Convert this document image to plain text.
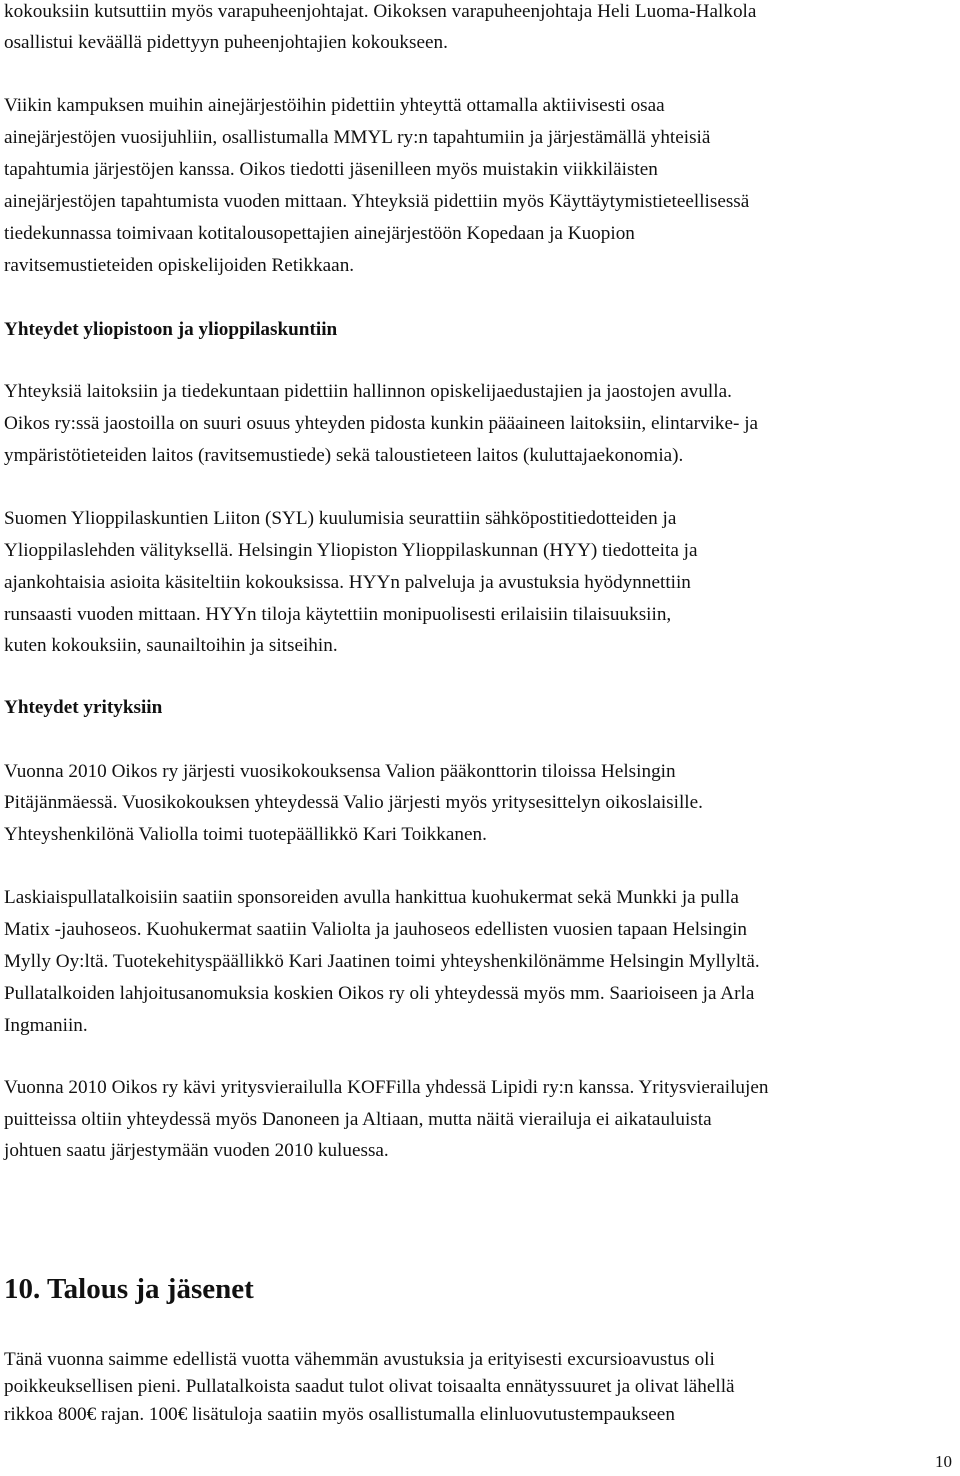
kokouksiin kutsuttiin myös varapuheenjohtajat. Oikoksen varapuheenjohtaja Heli Luoma-Halkola

osallistui keväällä pidettyyn puheenjohtajien kokoukseen.

Viikin kampuksen muihin ainejärjestöihin pidettiin yhteyttä ottamalla aktiivisesti osaa

ainejärjestöjen vuosijuhliin, osallistumalla MMYL ry:n tapahtumiin ja järjestämällä yhteisiä

tapahtumia järjestöjen kanssa. Oikos tiedotti jäsenilleen myös muistakin viikkiläisten

ainejärjestöjen tapahtumista vuoden mittaan. Yhteyksiä pidettiin myös Käyttäytymistieteellisessä

tiedekunnassa toimivaan kotitalousopettajien ainejärjestöön Kopedaan ja Kuopion

ravitsemustieteiden opiskelijoiden Retikkaan.

Yhteydet yliopistoon ja ylioppilaskuntiin

Yhteyksiä laitoksiin ja tiedekuntaan pidettiin hallinnon opiskelijaedustajien ja jaostojen avulla.

Oikos ry:ssä jaostoilla on suuri osuus yhteyden pidosta kunkin pääaineen laitoksiin, elintarvike- ja

ympäristötieteiden laitos (ravitsemustiede) sekä taloustieteen laitos (kuluttajaekonomia).

Suomen Ylioppilaskuntien Liiton (SYL) kuulumisia seurattiin sähköpostitiedotteiden ja

Ylioppilaslehden välityksellä. Helsingin Yliopiston Ylioppilaskunnan (HYY) tiedotteita ja

ajankohtaisia asioita käsiteltiin kokouksissa. HYYn palveluja ja avustuksia hyödynnettiin

runsaasti vuoden mittaan. HYYn tiloja käytettiin monipuolisesti erilaisiin tilaisuuksiin,

kuten kokouksiin, saunailtoihin ja sitseihin.

Yhteydet yrityksiin

Vuonna 2010 Oikos ry järjesti vuosikokouksensa Valion pääkonttorin tiloissa Helsingin

Pitäjänmäessä. Vuosikokouksen yhteydessä Valio järjesti myös yritysesittelyn oikoslaisille.

Yhteyshenkilönä Valiolla toimi tuotepäällikkö Kari Toikkanen.

Laskiaispullatalkoisiin saatiin sponsoreiden avulla hankittua kuohukermat sekä Munkki ja pulla

Matix -jauhoseos. Kuohukermat saatiin Valiolta ja jauhoseos edellisten vuosien tapaan Helsingin

Mylly Oy:ltä. Tuotekehityspäällikkö Kari Jaatinen toimi yhteyshenkilönämme Helsingin Myllyltä.

Pullatalkoiden lahjoitusanomuksia koskien Oikos ry oli yhteydessä myös mm. Saarioiseen ja Arla

Ingmaniin.

Vuonna 2010 Oikos ry kävi yritysvierailulla KOFFilla yhdessä Lipidi ry:n kanssa. Yritysvierailujen

puitteissa oltiin yhteydessä myös Danoneen ja Altiaan, mutta näitä vierailuja ei aikatauluista

johtuen saatu järjestymään vuoden 2010 kuluessa.

10. Talous ja jäsenet

Tänä vuonna saimme edellistä vuotta vähemmän avustuksia ja erityisesti excursioavustus oli

poikkeuksellisen pieni. Pullatalkoista saadut tulot olivat toisaalta ennätyssuuret ja olivat lähellä

rikkoa 800€ rajan. 100€ lisätuloja saatiin myös osallistumalla elinluovutustempaukseen

10
